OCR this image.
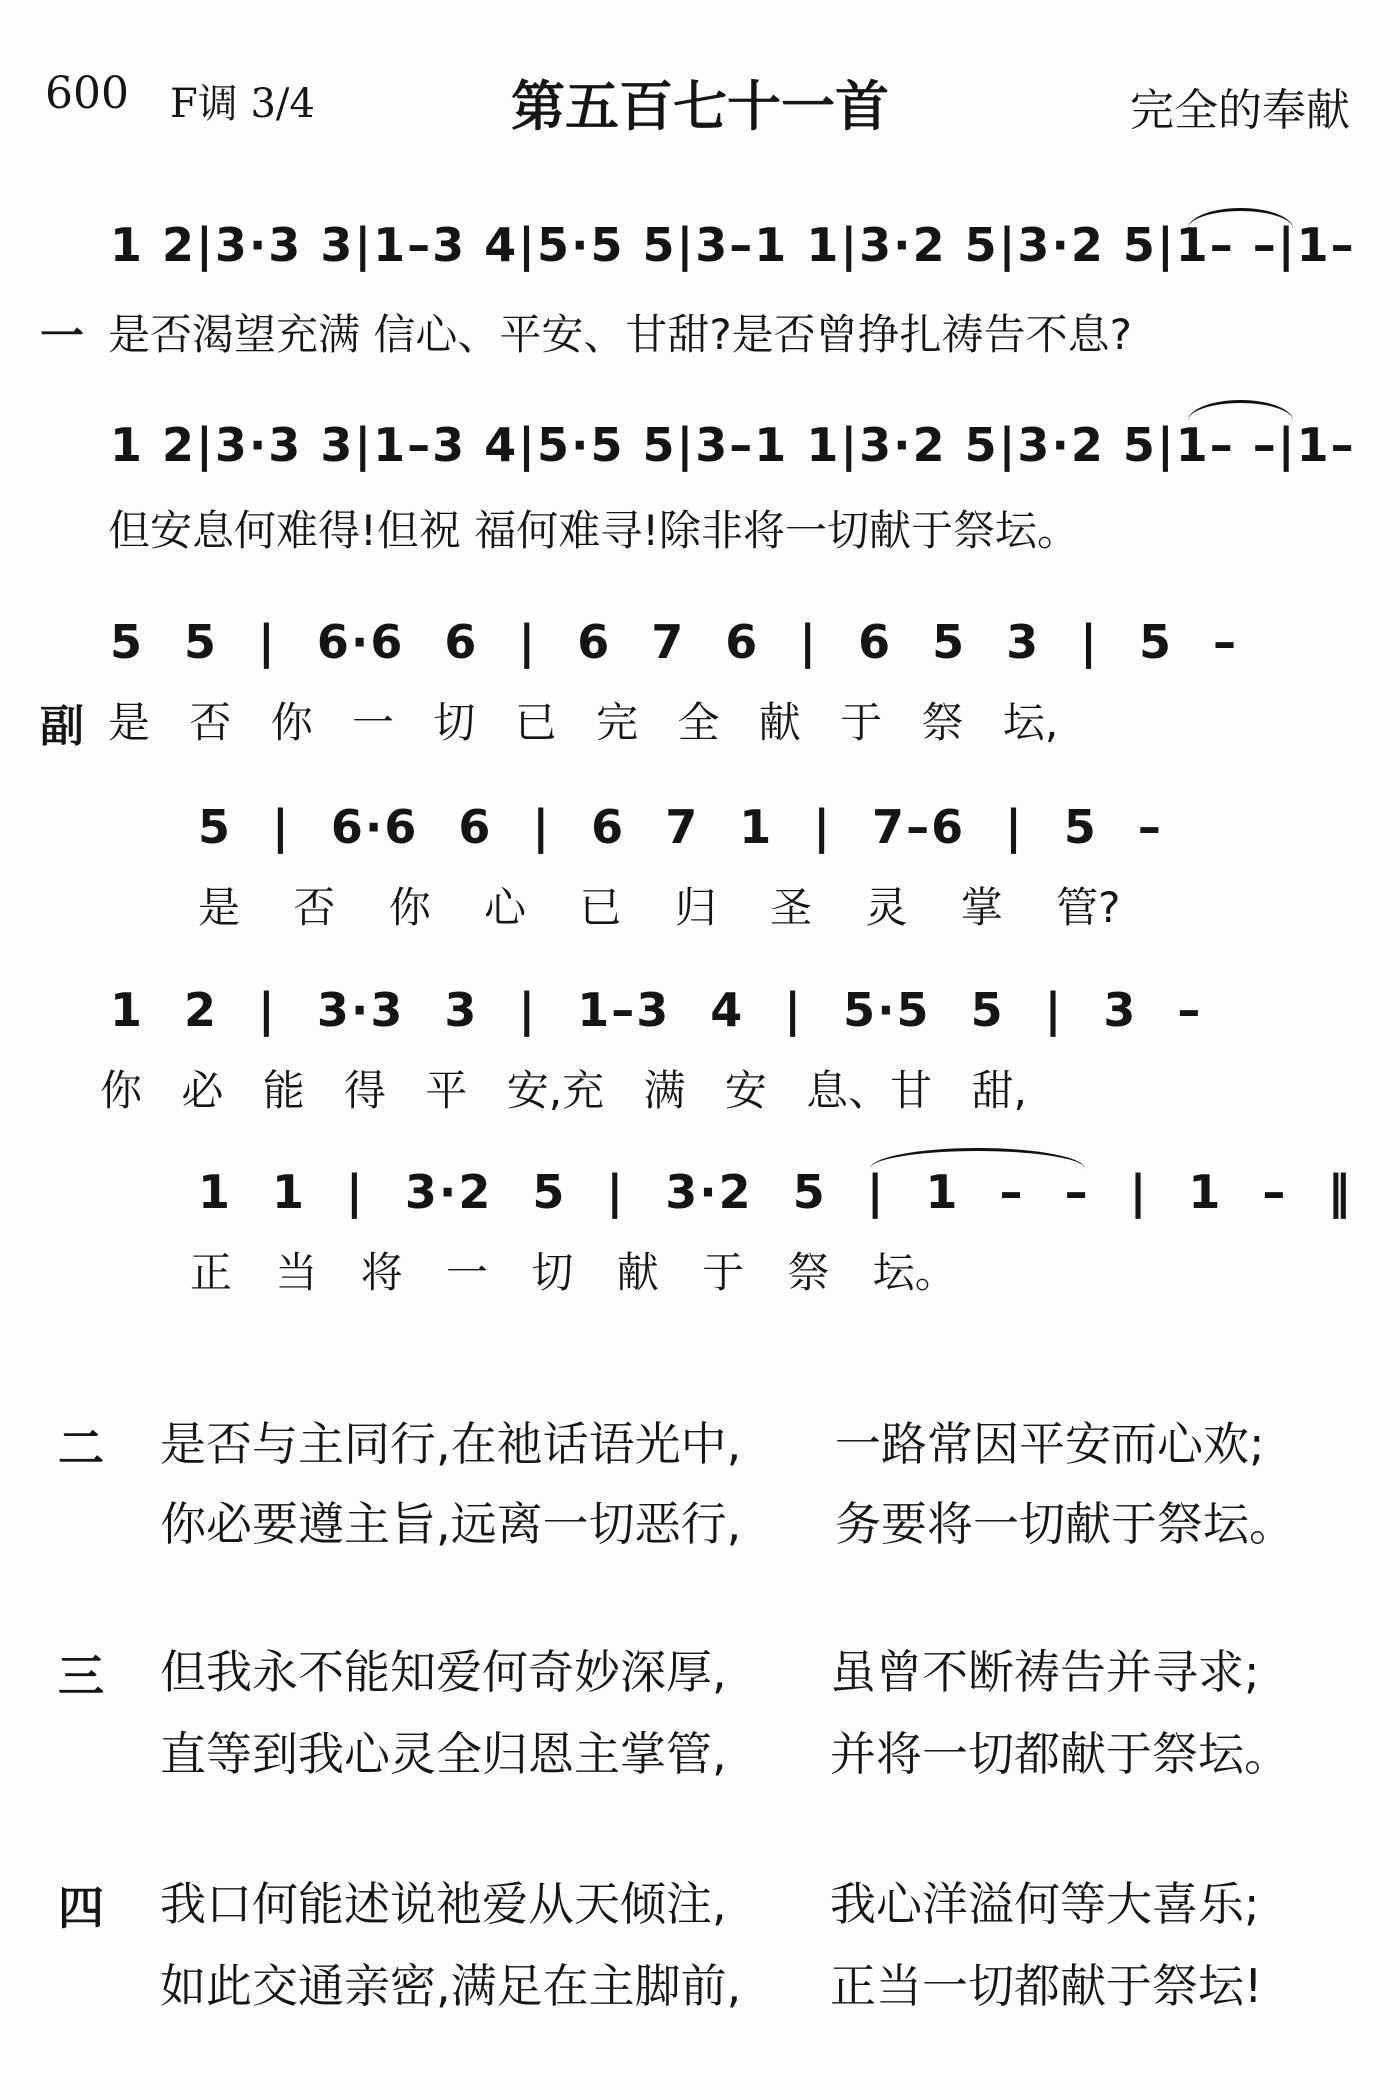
600 F调 3/4	第五百七十一首	完全的奉献
1 2|3·3 3|1–3 4|5·5 5|3–1 1|3·2 5|3·2 5|1– –|1–
一 是否渴望充满 信心、平安、甘甜?是否曾挣扎祷告不息?
1 2|3·3 3|1–3 4|5·5 5|3–1 1|3·2 5|3·2 5|1– –|1–
但安息何难得!但祝 福何难寻!除非将一切献于祭坛。
5 5 | 6·6 6 | 6 7 6 | 6 5 3 | 5 –
副 是 否 你 一 切 已 完 全 献 于 祭 坛,
5 | 6·6 6 | 6 7 1 | 7–6 | 5 –
是 否 你 心 已 归 圣 灵 掌 管?
1 2 | 3·3 3 | 1–3 4 | 5·5 5 | 3 –
你 必 能 得 平 安,充 满 安 息、甘 甜,
1 1 | 3·2 5 | 3·2 5 | 1 – – | 1 – ‖
正 当 将 一 切 献 于 祭 坛。
二 是否与主同行,在祂话语光中, 一路常因平安而心欢;
你必要遵主旨,远离一切恶行, 务要将一切献于祭坛。
三 但我永不能知爱何奇妙深厚, 虽曾不断祷告并寻求;
直等到我心灵全归恩主掌管, 并将一切都献于祭坛。
四 我口何能述说祂爱从天倾注, 我心洋溢何等大喜乐;
如此交通亲密,满足在主脚前, 正当一切都献于祭坛!
